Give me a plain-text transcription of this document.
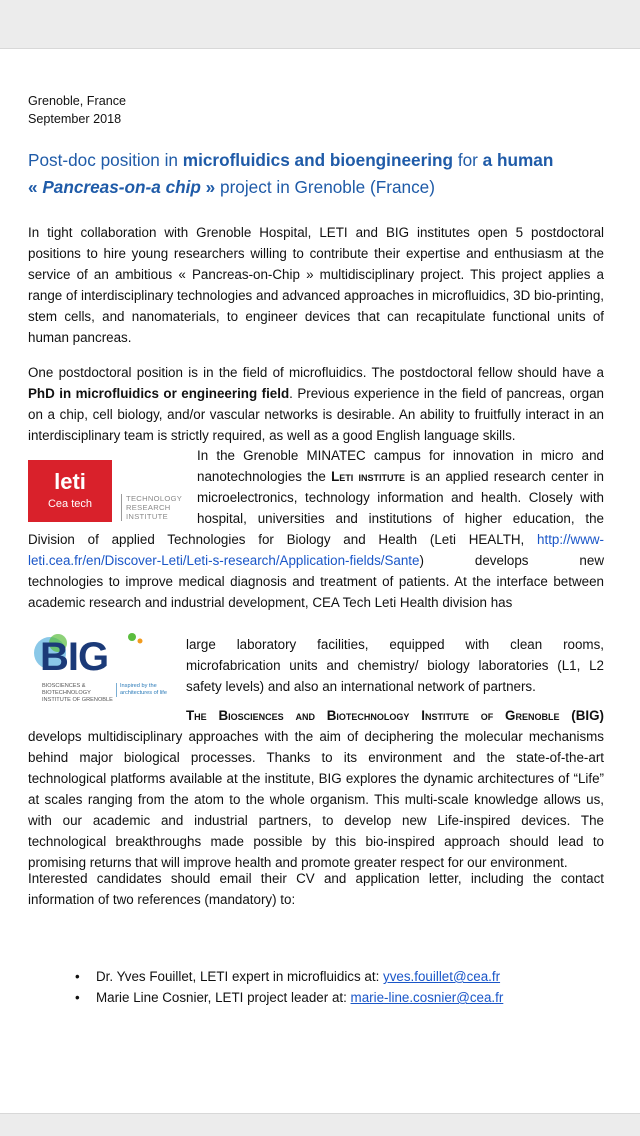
Grenoble, France
September 2018
Post-doc position in microfluidics and bioengineering for a human
« Pancreas-on-a chip » project in Grenoble (France)
In tight collaboration with Grenoble Hospital, LETI and BIG institutes open 5 postdoctoral positions to hire young researchers willing to contribute their expertise and enthusiasm at the service of an ambitious « Pancreas-on-Chip » multidisciplinary project. This project applies a range of interdisciplinary technologies and advanced approaches in microfluidics, 3D bio-printing, stem cells, and nanomaterials, to engineer devices that can recapitulate functional units of human pancreas.
One postdoctoral position is in the field of microfluidics. The postdoctoral fellow should have a PhD in microfluidics or engineering field. Previous experience in the field of pancreas, organ on a chip, cell biology, and/or vascular networks is desirable. An ability to fruitfully interact in an interdisciplinary team is strictly required, as well as a good English language skills.
leti
Cea tech	TECHNOLOGY
RESEARCH
INSTITUTE
In the Grenoble MINATEC campus for innovation in micro and
nanotechnologies the Leti institute is an applied research center in
microelectronics, technology information and health. Closely with
hospital, universities and institutions of higher education, the
Division of applied Technologies for Biology and Health (Leti HEALTH, http://www-
leti.cea.fr/en/Discover-Leti/Leti-s-research/Application-fields/Sante) develops new
technologies to improve medical diagnosis and treatment of patients. At the interface between academic research and industrial development, CEA Tech Leti Health division has
large laboratory facilities, equipped with clean rooms,
microfabrication units and chemistry/ biology laboratories (L1, L2
safety levels) and also an international network of partners.
BIG
BIOSCIENCES &
BIOTECHNOLOGY
INSTITUTE OF GRENOBLE
Inspired by the
architectures of life
The Biosciences and Biotechnology Institute of Grenoble (BIG)
develops multidisciplinary approaches with the aim of deciphering the molecular mechanisms behind major biological processes. Thanks to its environment and the state-of-the-art technological platforms available at the institute, BIG explores the dynamic architectures of “Life” at scales ranging from the atom to the whole organism. This multi-scale knowledge allows us, with our academic and industrial partners, to develop new Life-inspired devices. The technological breakthroughs made possible by this bio-inspired approach should lead to promising returns that will improve health and promote greater respect for our environment.
Interested candidates should email their CV and application letter, including the contact information of two references (mandatory) to:
• Dr. Yves Fouillet, LETI expert in microfluidics at: yves.fouillet@cea.fr
• Marie Line Cosnier, LETI project leader at: marie-line.cosnier@cea.fr
